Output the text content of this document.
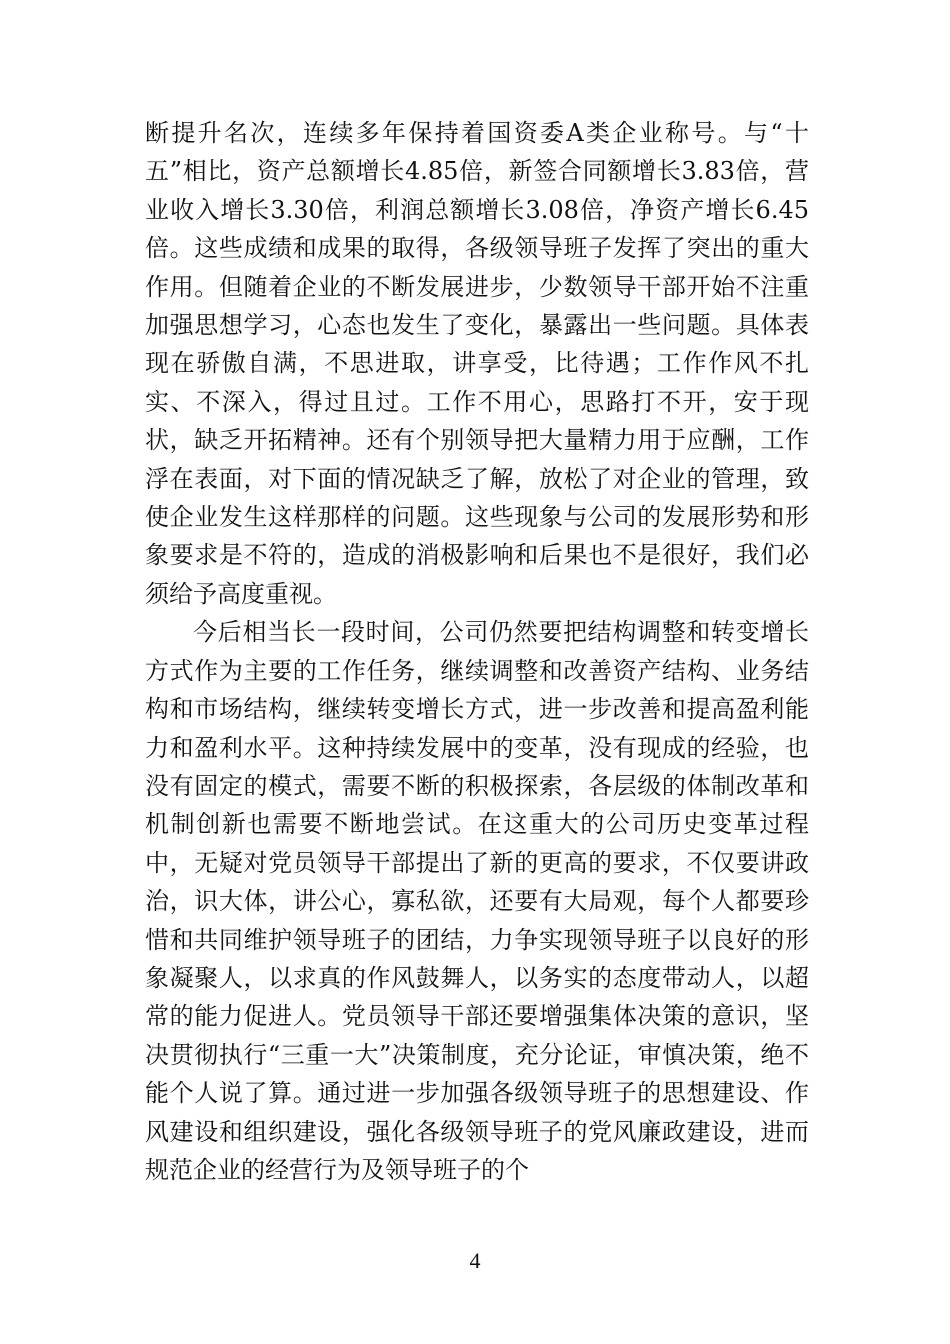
断提升名次，连续多年保持着国资委A类企业称号。与“十五”相比，资产总额增长4.85倍，新签合同额增长3.83倍，营业收入增长3.30倍，利润总额增长3.08倍，净资产增长6.45倍。这些成绩和成果的取得，各级领导班子发挥了突出的重大作用。但随着企业的不断发展进步，少数领导干部开始不注重加强思想学习，心态也发生了变化，暴露出一些问题。具体表现在骄傲自满，不思进取，讲享受，比待遇；工作作风不扎实、不深入，得过且过。工作不用心，思路打不开，安于现状，缺乏开拓精神。还有个别领导把大量精力用于应酬，工作浮在表面，对下面的情况缺乏了解，放松了对企业的管理，致使企业发生这样那样的问题。这些现象与公司的发展形势和形象要求是不符的，造成的消极影响和后果也不是很好，我们必须给予高度重视。

今后相当长一段时间，公司仍然要把结构调整和转变增长方式作为主要的工作任务，继续调整和改善资产结构、业务结构和市场结构，继续转变增长方式，进一步改善和提高盈利能力和盈利水平。这种持续发展中的变革，没有现成的经验，也没有固定的模式，需要不断的积极探索，各层级的体制改革和机制创新也需要不断地尝试。在这重大的公司历史变革过程中，无疑对党员领导干部提出了新的更高的要求，不仅要讲政治，识大体，讲公心，寡私欲，还要有大局观，每个人都要珍惜和共同维护领导班子的团结，力争实现领导班子以良好的形象凝聚人，以求真的作风鼓舞人，以务实的态度带动人，以超常的能力促进人。党员领导干部还要增强集体决策的意识，坚决贯彻执行“三重一大”决策制度，充分论证，审慎决策，绝不能个人说了算。通过进一步加强各级领导班子的思想建设、作风建设和组织建设，强化各级领导班子的党风廉政建设，进而规范企业的经营行为及领导班子的个

4
